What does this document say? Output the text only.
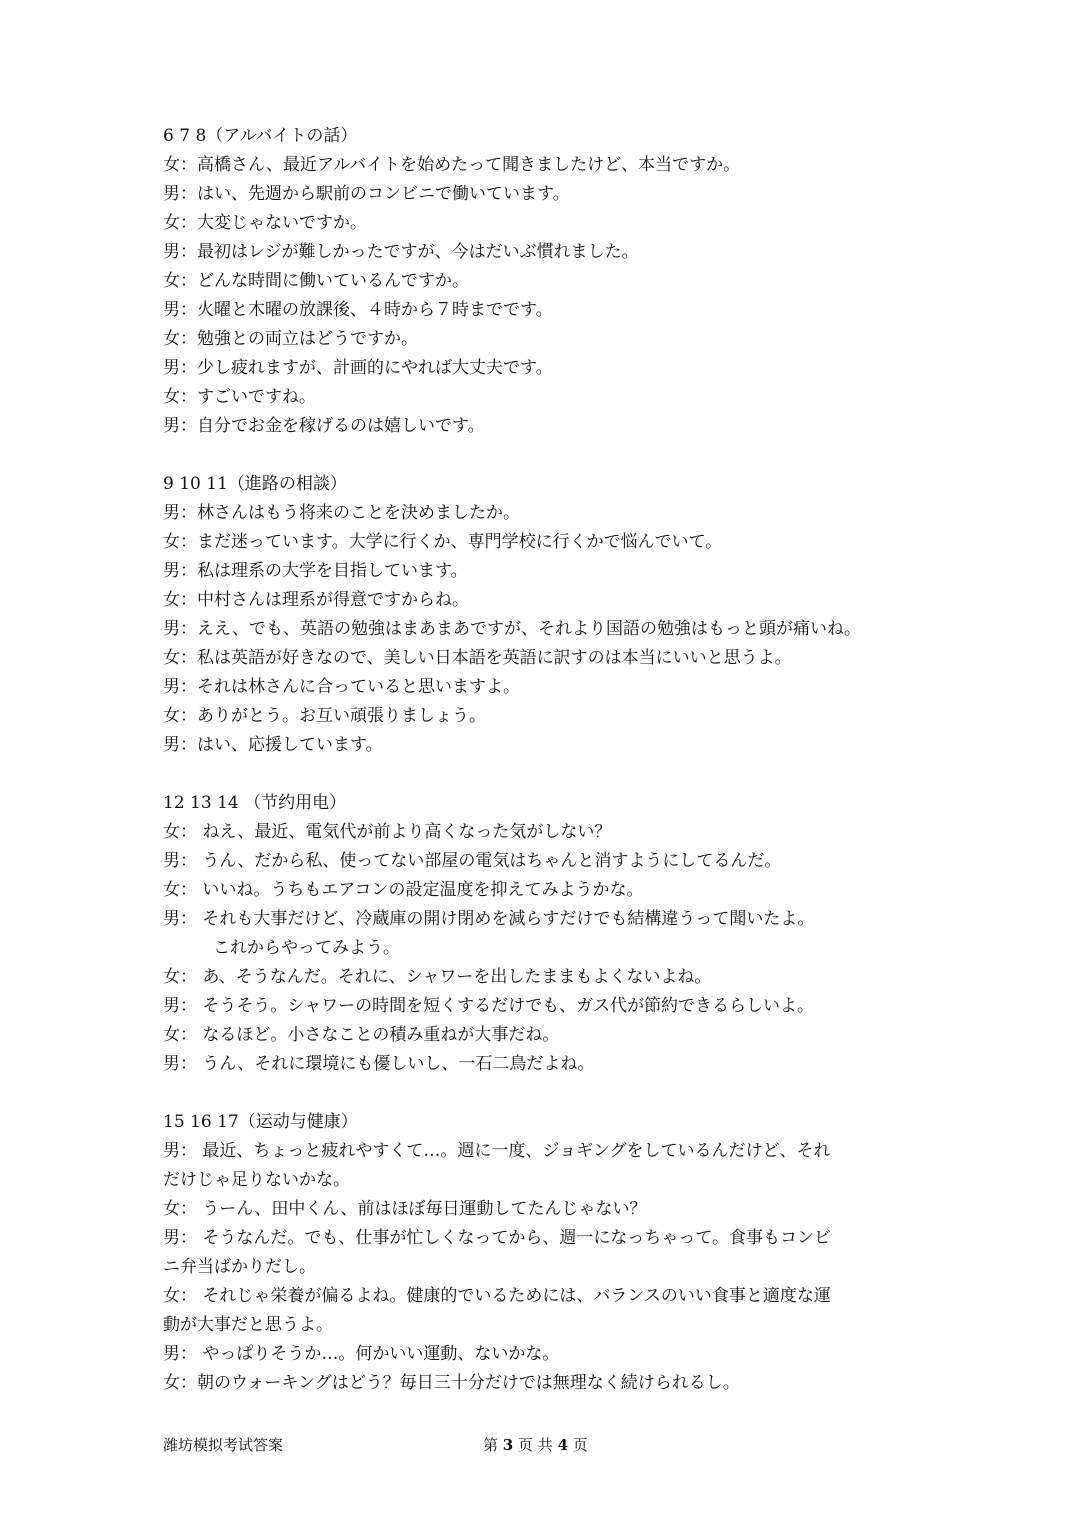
6 7 8（アルバイトの話）
女：高橋さん、最近アルバイトを始めたって聞きましたけど、本当ですか。
男：はい、先週から駅前のコンビニで働いています。
女：大変じゃないですか。
男：最初はレジが難しかったですが、今はだいぶ慣れました。
女：どんな時間に働いているんですか。
男：火曜と木曜の放課後、４時から７時までです。
女：勉強との両立はどうですか。
男：少し疲れますが、計画的にやれば大丈夫です。
女：すごいですね。
男：自分でお金を稼げるのは嬉しいです。
9 10 11（進路の相談）
男：林さんはもう将来のことを決めましたか。
女：まだ迷っています。大学に行くか、専門学校に行くかで悩んでいて。
男：私は理系の大学を目指しています。
女：中村さんは理系が得意ですからね。
男：ええ、でも、英語の勉強はまあまあですが、それより国語の勉強はもっと頭が痛いね。
女：私は英語が好きなので、美しい日本語を英語に訳すのは本当にいいと思うよ。
男：それは林さんに合っていると思いますよ。
女：ありがとう。お互い頑張りましょう。
男：はい、応援しています。
12 13 14 （节约用电）
女： ねえ、最近、電気代が前より高くなった気がしない？
男： うん、だから私、使ってない部屋の電気はちゃんと消すようにしてるんだ。
女： いいね。うちもエアコンの設定温度を抑えてみようかな。
男： それも大事だけど、冷蔵庫の開け閉めを減らすだけでも結構違うって聞いたよ。
これからやってみよう。
女： あ、そうなんだ。それに、シャワーを出したままもよくないよね。
男： そうそう。シャワーの時間を短くするだけでも、ガス代が節約できるらしいよ。
女： なるほど。小さなことの積み重ねが大事だね。
男： うん、それに環境にも優しいし、一石二鳥だよね。
15 16 17（运动与健康）
男： 最近、ちょっと疲れやすくて…。週に一度、ジョギングをしているんだけど、それ
だけじゃ足りないかな。
女： うーん、田中くん、前はほぼ毎日運動してたんじゃない？
男： そうなんだ。でも、仕事が忙しくなってから、週一になっちゃって。食事もコンビ
ニ弁当ばかりだし。
女： それじゃ栄養が偏るよね。健康的でいるためには、バランスのいい食事と適度な運
動が大事だと思うよ。
男： やっぱりそうか…。何かいい運動、ないかな。
女：朝のウォーキングはどう？毎日三十分だけでは無理なく続けられるし。
潍坊模拟考试答案	第 3 页 共 4 页
